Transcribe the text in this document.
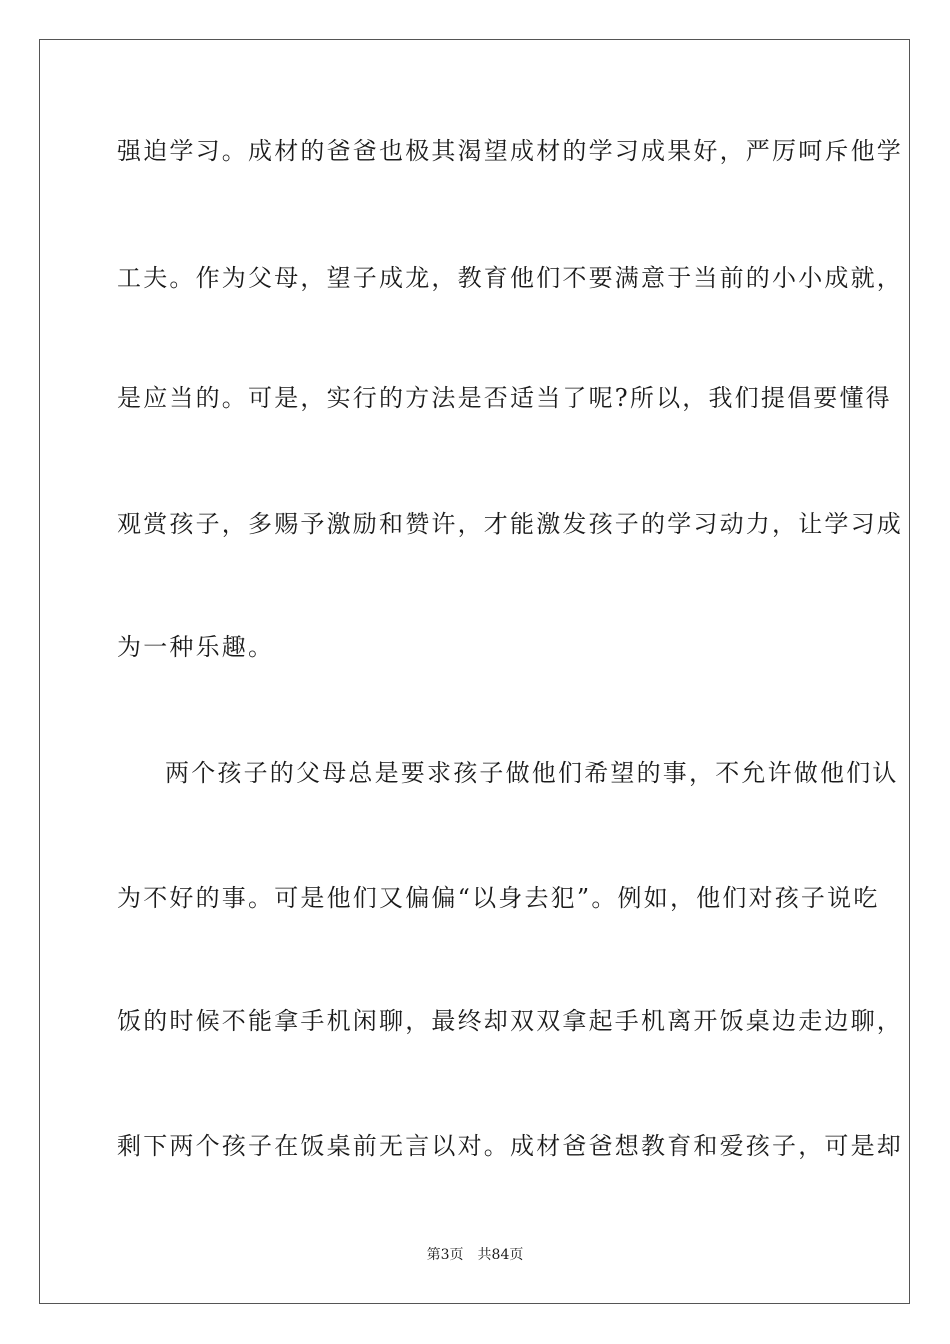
强迫学习。成材的爸爸也极其渴望成材的学习成果好，严厉呵斥他学
工夫。作为父母，望子成龙，教育他们不要满意于当前的小小成就，
是应当的。可是，实行的方法是否适当了呢?所以，我们提倡要懂得
观赏孩子，多赐予激励和赞许，才能激发孩子的学习动力，让学习成
为一种乐趣。
两个孩子的父母总是要求孩子做他们希望的事，不允许做他们认
为不好的事。可是他们又偏偏“以身去犯”。例如，他们对孩子说吃
饭的时候不能拿手机闲聊，最终却双双拿起手机离开饭桌边走边聊，
剩下两个孩子在饭桌前无言以对。成材爸爸想教育和爱孩子，可是却
第3页 共84页
